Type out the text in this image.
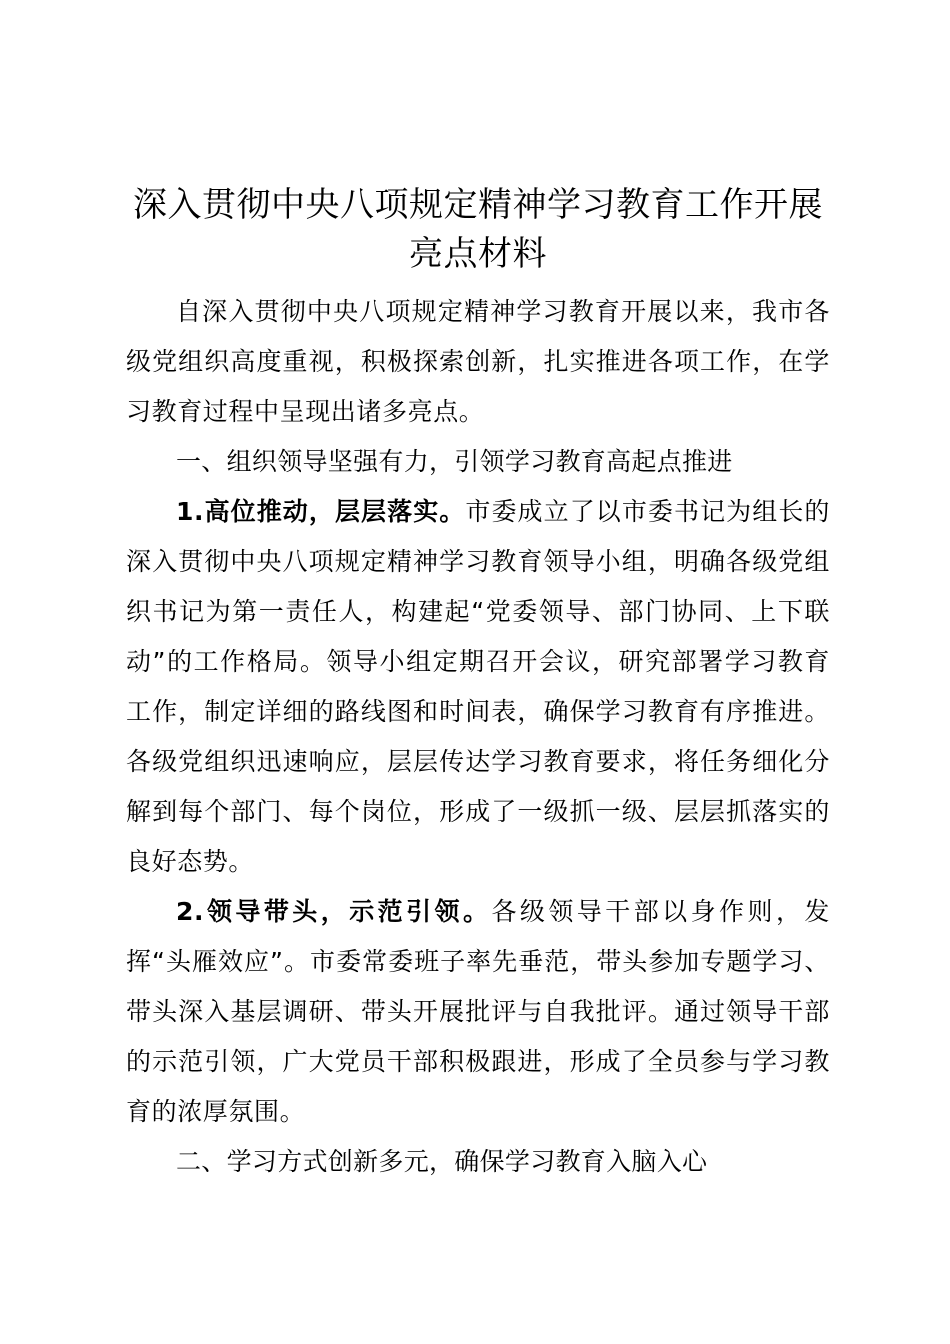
深入贯彻中央八项规定精神学习教育工作开展
亮点材料

自深入贯彻中央八项规定精神学习教育开展以来，我市各级党组织高度重视，积极探索创新，扎实推进各项工作，在学习教育过程中呈现出诸多亮点。

一、组织领导坚强有力，引领学习教育高起点推进

1.高位推动，层层落实。市委成立了以市委书记为组长的深入贯彻中央八项规定精神学习教育领导小组，明确各级党组织书记为第一责任人，构建起“党委领导、部门协同、上下联动”的工作格局。领导小组定期召开会议，研究部署学习教育工作，制定详细的路线图和时间表，确保学习教育有序推进。各级党组织迅速响应，层层传达学习教育要求，将任务细化分解到每个部门、每个岗位，形成了一级抓一级、层层抓落实的良好态势。

2.领导带头，示范引领。各级领导干部以身作则，发挥“头雁效应”。市委常委班子率先垂范，带头参加专题学习、带头深入基层调研、带头开展批评与自我批评。通过领导干部的示范引领，广大党员干部积极跟进，形成了全员参与学习教育的浓厚氛围。

二、学习方式创新多元，确保学习教育入脑入心
